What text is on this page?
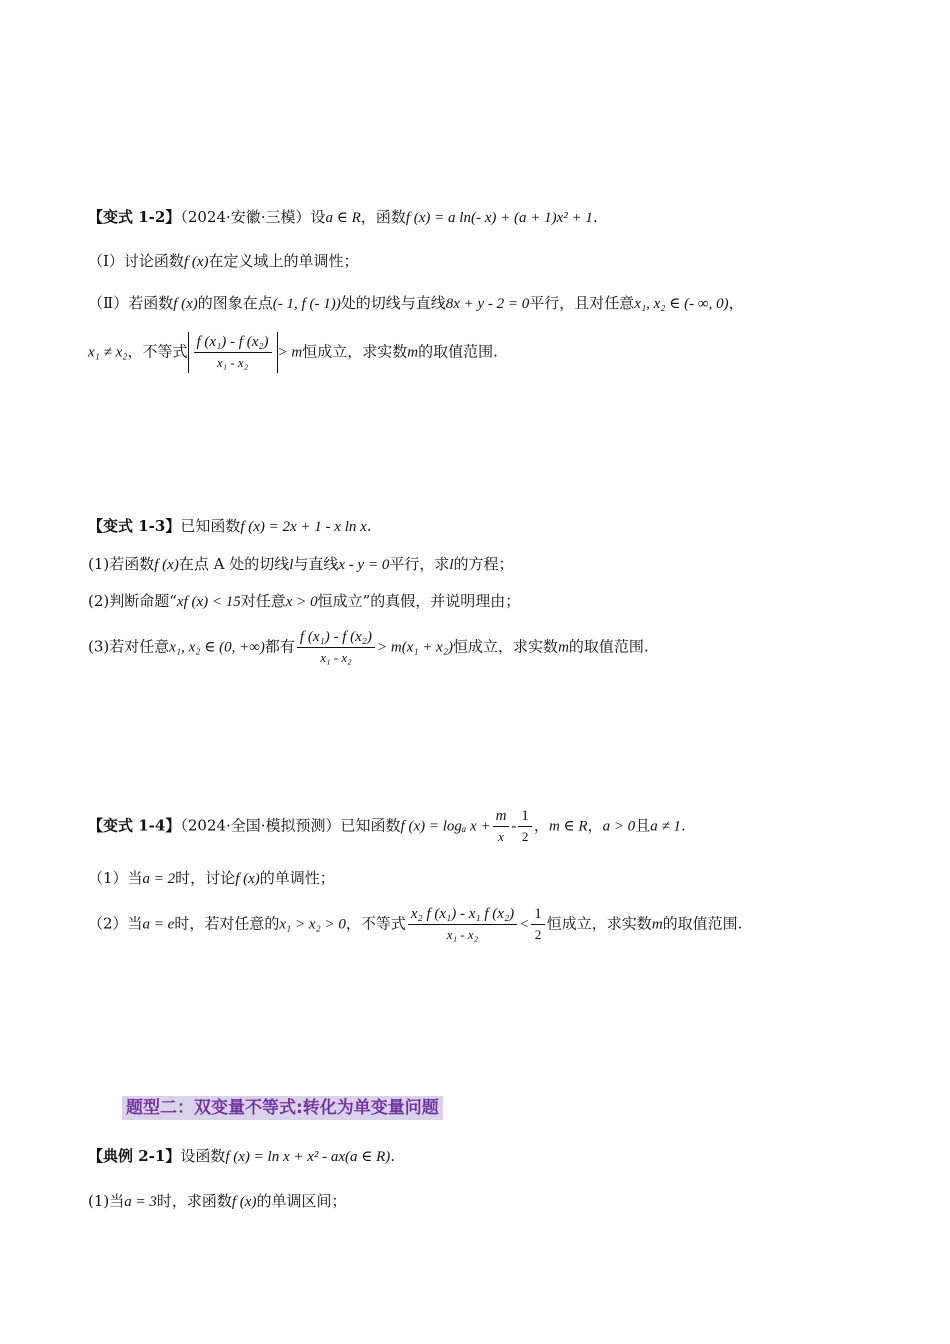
【变式 1-2】（2024·安徽·三模）设a ∈ R，函数f (x) = a ln(- x) + (a + 1)x² + 1.
（Ⅰ）讨论函数f (x)在定义域上的单调性；
（Ⅱ）若函数f (x)的图象在点(- 1, f (- 1))处的切线与直线8x + y - 2 = 0平行，且对任意x₁, x₂ ∈ (- ∞, 0)，
x₁ ≠ x₂，不等式 $\frac{\text{f (x₁) - f (x₂)}}{\text{x₁ - x₂}} > m$恒成立，求实数m的取值范围.
【变式 1-3】已知函数f (x) = 2x + 1 - x ln x.
(1)若函数f (x)在点 A 处的切线l与直线x - y = 0平行，求l的方程；
(2)判断命题“xf (x) < 15对任意x > 0恒成立”的真假，并说明理由；
(3)若对任意x₁, x₂ ∈ (0, +∞)都有 $\frac{\text{f (x₁) - f (x₂)}}{\text{x₁ - x₂}} > m(x_1 + x_2)$恒成立，求实数m的取值范围.
【变式 1-4】（2024·全国·模拟预测）已知函数f (x) = logₐ $x + \frac{m}{x} - \frac{1}{2}$ ，m ∈ R，a > 0且a ≠ 1.
（1）当a = 2时，讨论f (x)的单调性；
（2）当a = e时，若对任意的x₁ > x₂ > 0，不等式 $\frac{\text{x₂ f (x₁) - x₁ f (x₂)}}{\text{x₁ - x₂}} < \frac{1}{2}$ 恒成立，求实数m的取值范围.
题型二：双变量不等式:转化为单变量问题
【典例 2-1】设函数f (x) = ln x + x² - ax(a ∈ R).
(1)当a = 3时，求函数f (x)的单调区间；
